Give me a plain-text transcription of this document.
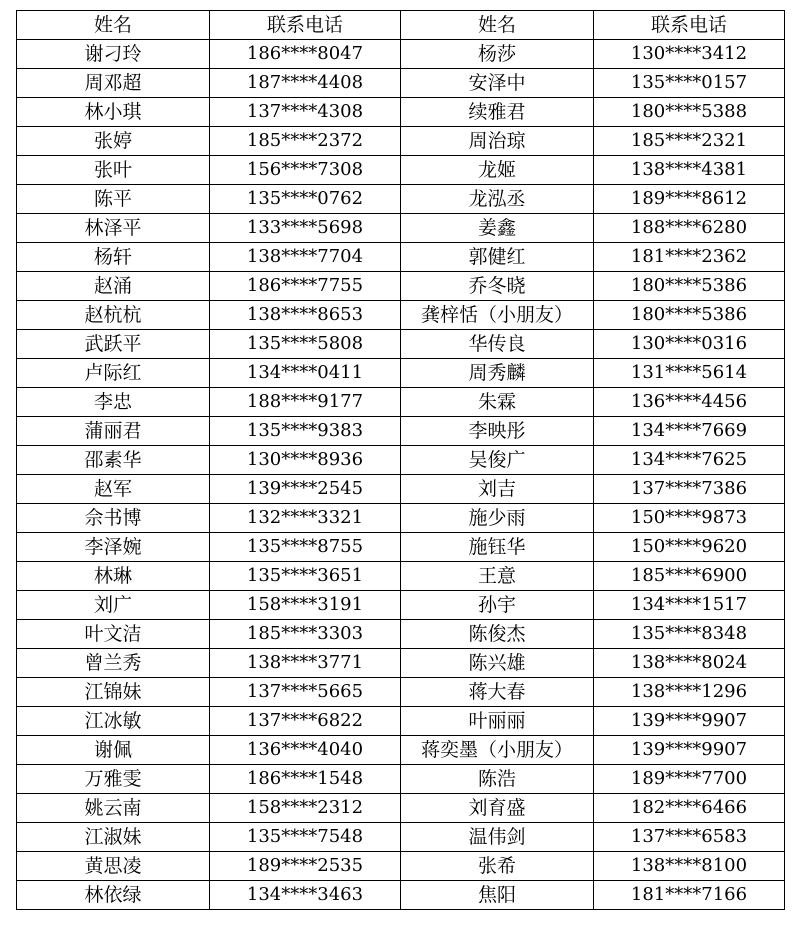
姓名	联系电话	姓名	联系电话
谢刁玲	186****8047	杨莎	130****3412
周邓超	187****4408	安泽中	135****0157
林小琪	137****4308	续雅君	180****5388
张婷	185****2372	周治琼	185****2321
张叶	156****7308	龙姬	138****4381
陈平	135****0762	龙泓丞	189****8612
林泽平	133****5698	姜鑫	188****6280
杨轩	138****7704	郭健红	181****2362
赵涌	186****7755	乔冬晓	180****5386
赵杭杭	138****8653	龚梓恬（小朋友）	180****5386
武跃平	135****5808	华传良	130****0316
卢际红	134****0411	周秀麟	131****5614
李忠	188****9177	朱霖	136****4456
蒲丽君	135****9383	李映彤	134****7669
邵素华	130****8936	吴俊广	134****7625
赵军	139****2545	刘吉	137****7386
佘书博	132****3321	施少雨	150****9873
李泽婉	135****8755	施钰华	150****9620
林琳	135****3651	王意	185****6900
刘广	158****3191	孙宇	134****1517
叶文洁	185****3303	陈俊杰	135****8348
曾兰秀	138****3771	陈兴雄	138****8024
江锦妹	137****5665	蒋大春	138****1296
江冰敏	137****6822	叶丽丽	139****9907
谢佩	136****4040	蒋奕墨（小朋友）	139****9907
万雅雯	186****1548	陈浩	189****7700
姚云南	158****2312	刘育盛	182****6466
江淑妹	135****7548	温伟剑	137****6583
黄思凌	189****2535	张希	138****8100
林依绿	134****3463	焦阳	181****7166
